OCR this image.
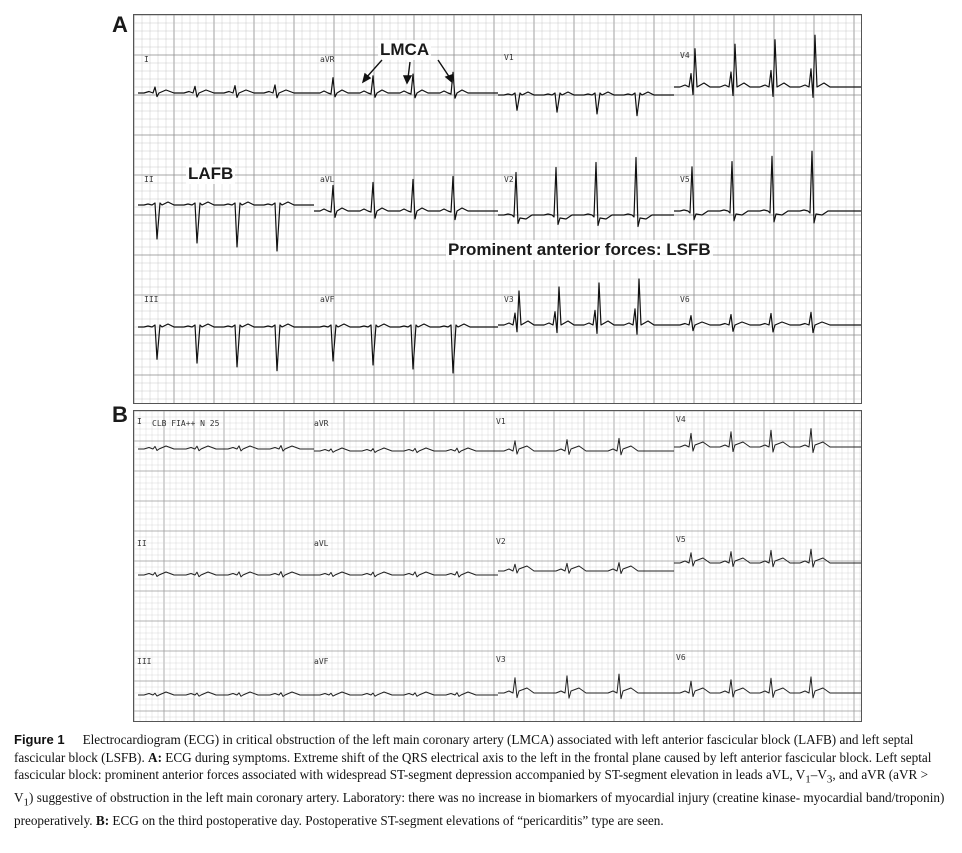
A
I	aVR	V1	V4
II	aVL	V2	V5
III	aVF	V3	V6
LMCA
LAFB
Prominent anterior forces: LSFB
B I CLB FIA++ N 25	aVR	V1	V4
II	aVL	V2	V5
III	aVF	V3	V6
Figure 1 Electrocardiogram (ECG) in critical obstruction of the left main coronary artery (LMCA) associated with left anterior fascicular block (LAFB) and left septal fascicular block (LSFB). A: ECG during symptoms. Extreme shift of the QRS electrical axis to the left in the frontal plane caused by left anterior fascicular block. Left septal fascicular block: prominent anterior forces associated with widespread ST-segment depression accompanied by ST-segment elevation in leads aVL, $V_1-V_3$, and aVR $(aVR > V_1)$ suggestive of obstruction in the left main coronary artery. Laboratory: there was no increase in biomarkers of myocardial injury (creatine kinase- myocardial band/troponin) preoperatively. B: ECG on the third postoperative day. Postoperative ST-segment elevations of “pericarditis” type are seen.
